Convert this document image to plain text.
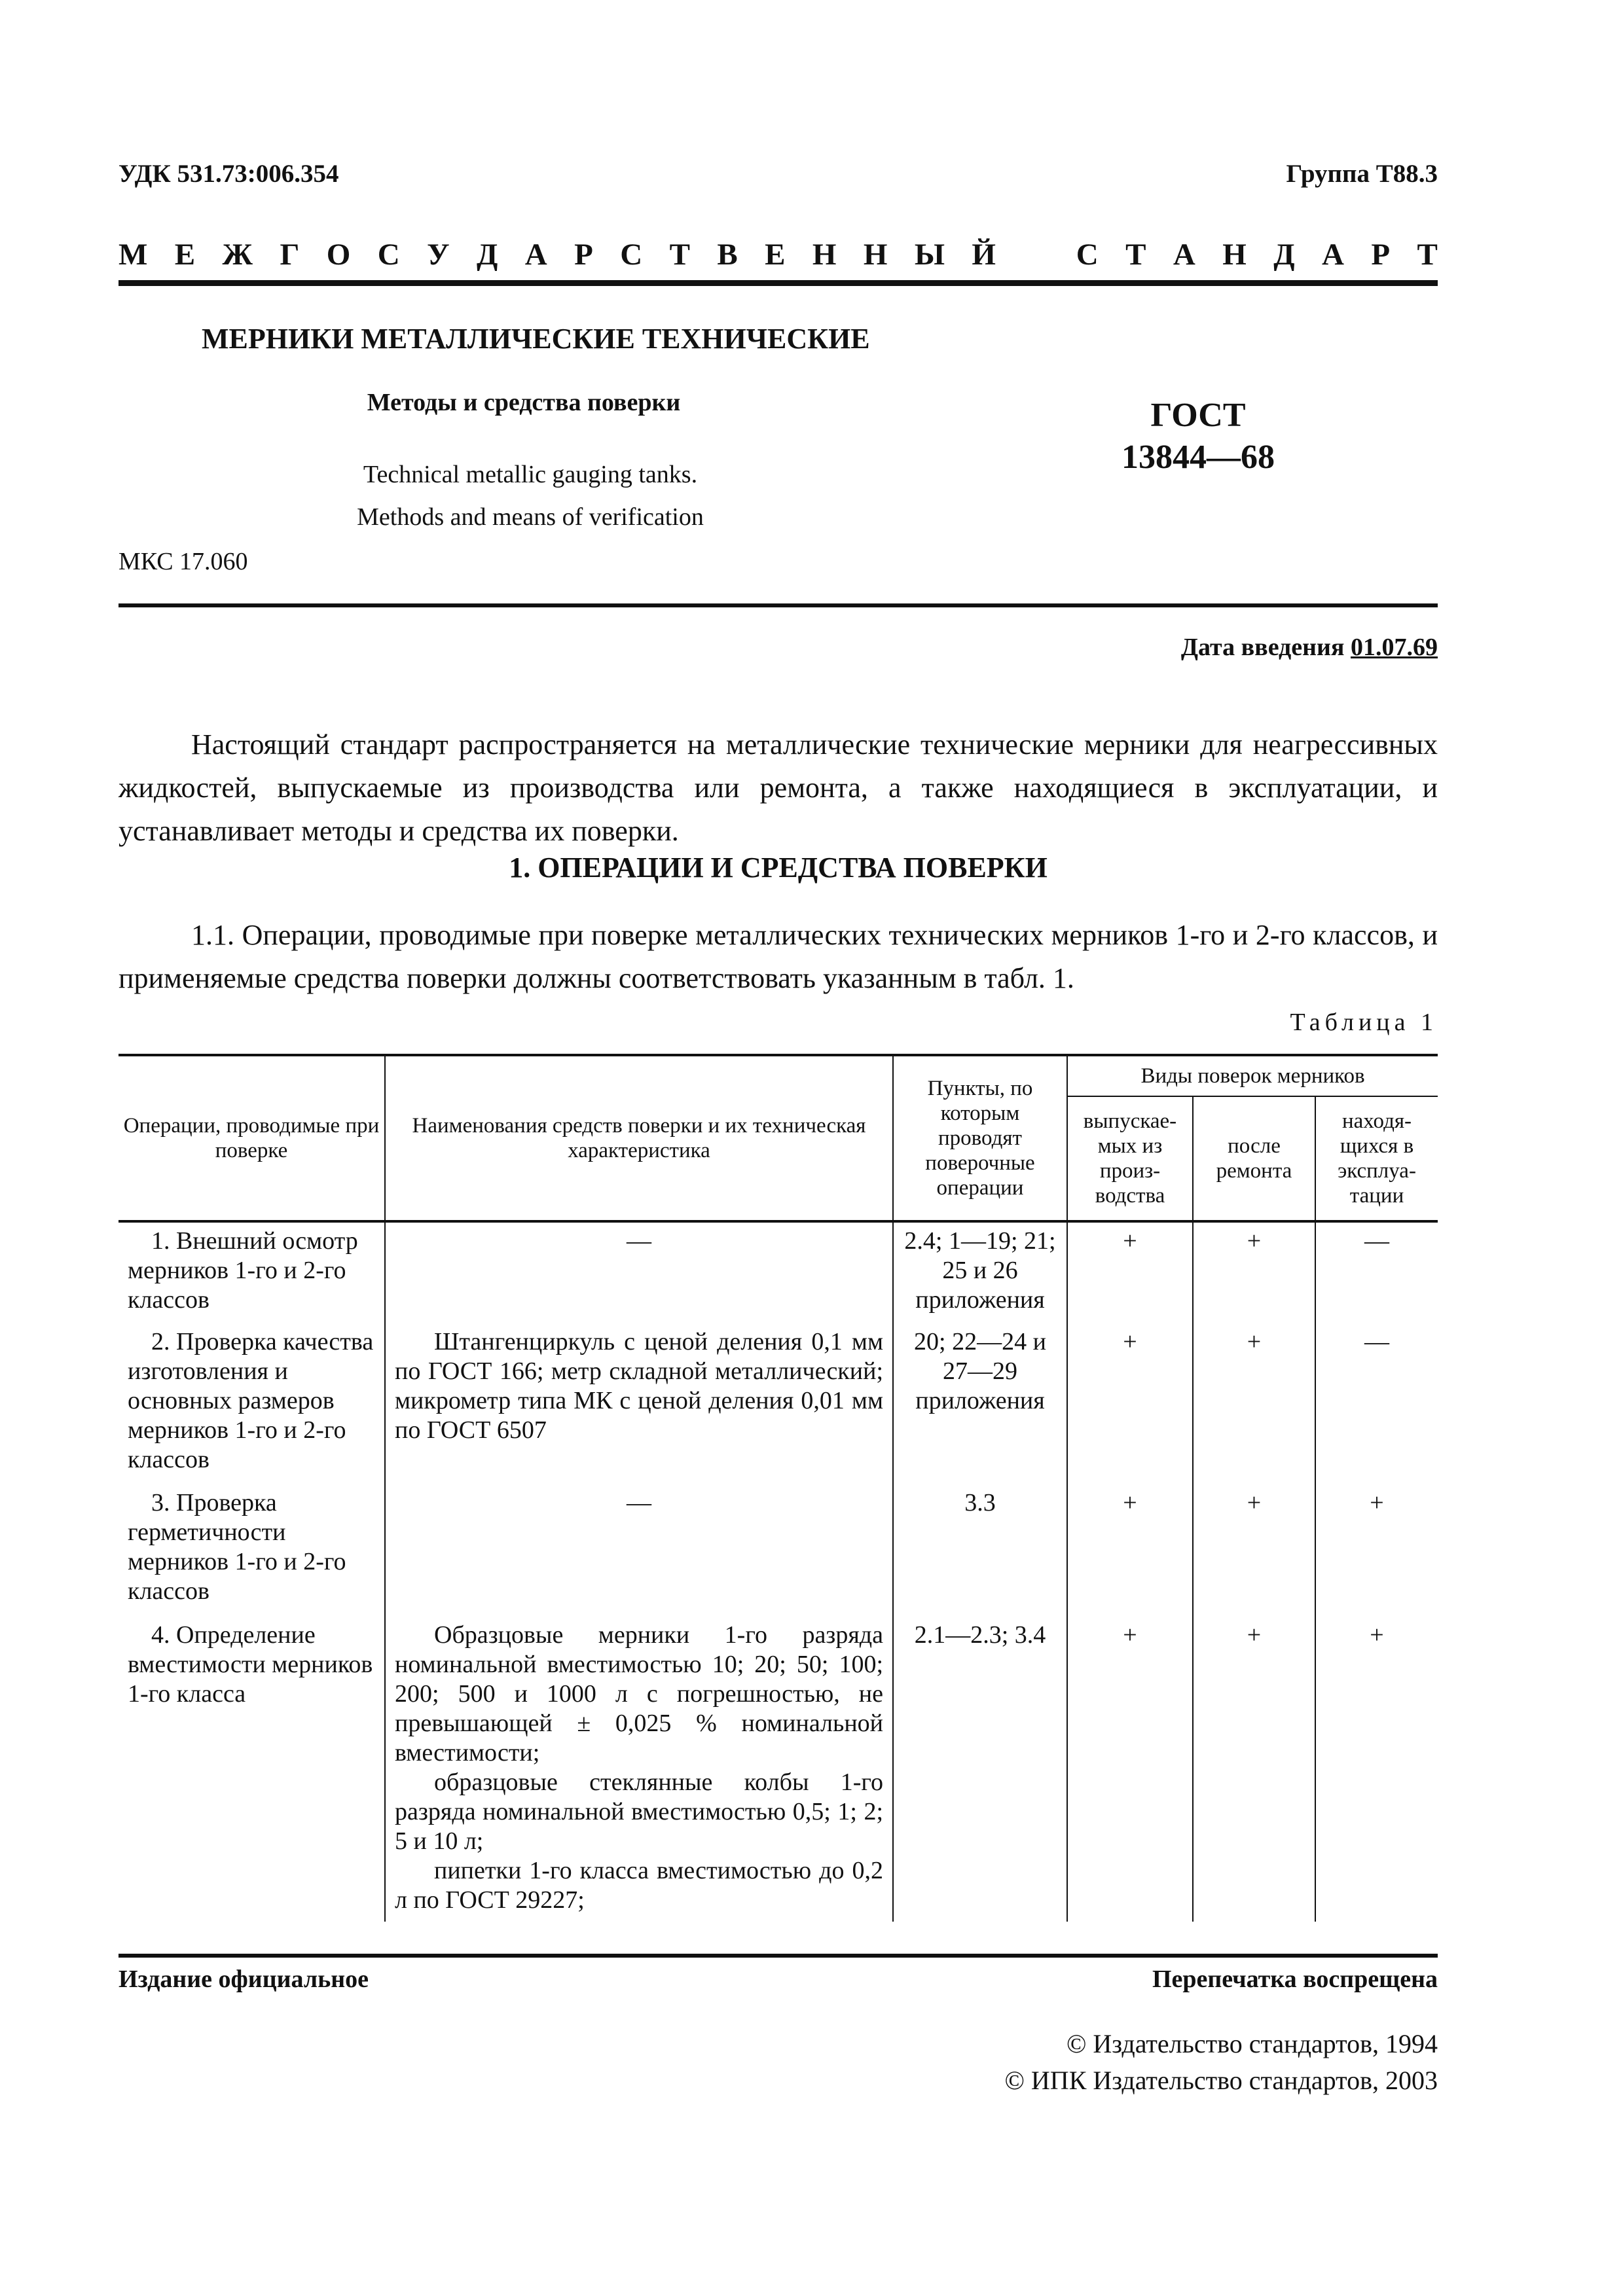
УДК 531.73:006.354	Группа Т88.3
М Е Ж Г О С У Д А Р С Т В Е Н Н Ы Й	С Т А Н Д А Р Т
МЕРНИКИ МЕТАЛЛИЧЕСКИЕ ТЕХНИЧЕСКИЕ
Методы и средства поверки	ГОСТ
13844—68
Technical metallic gauging tanks.
Methods and means of verification
МКС 17.060
Дата введения 01.07.69
Настоящий стандарт распространяется на металлические технические мерники для неагрессивных жидкостей, выпускаемые из производства или ремонта, а также находящиеся в эксплуатации, и устанавливает методы и средства их поверки.
1. ОПЕРАЦИИ И СРЕДСТВА ПОВЕРКИ
1.1. Операции, проводимые при поверке металлических технических мерников 1-го и 2-го классов, и применяемые средства поверки должны соответствовать указанным в табл. 1.
Таблица 1
Операции, проводимые при поверке	Наименования средств поверки и их техническая характеристика	Пункты, по которым проводят поверочные операции	Виды поверок мерников		
			выпускае-мых из произ-водства	после ремонта	находя-щихся в эксплуа-тации
1. Внешний осмотр мерников 1-го и 2-го классов	—	2.4; 1—19; 21; 25 и 26 приложения	+	+	—
2. Проверка качества изготовления и основных размеров мерников 1-го и 2-го классов	Штангенциркуль с ценой деления 0,1 мм по ГОСТ 166; метр складной металлический; микрометр типа МК с ценой деления 0,01 мм по ГОСТ 6507	20; 22—24 и 27—29 приложения	+	+	—
3. Проверка герметичности мерников 1-го и 2-го классов	—	3.3	+	+	+
4. Определение вместимости мерников 1-го класса	Образцовые мерники 1-го разряда номинальной вместимостью 10; 20; 50; 100; 200; 500 и 1000 л с погрешностью, не превышающей ± 0,025 % номинальной вместимости;
образцовые стеклянные колбы 1-го разряда номинальной вместимостью 0,5; 1; 2; 5 и 10 л;
пипетки 1-го класса вместимостью до 0,2 л по ГОСТ 29227;	2.1—2.3; 3.4	+	+	+
Издание официальное	Перепечатка воспрещена
© Издательство стандартов, 1994
© ИПК Издательство стандартов, 2003
